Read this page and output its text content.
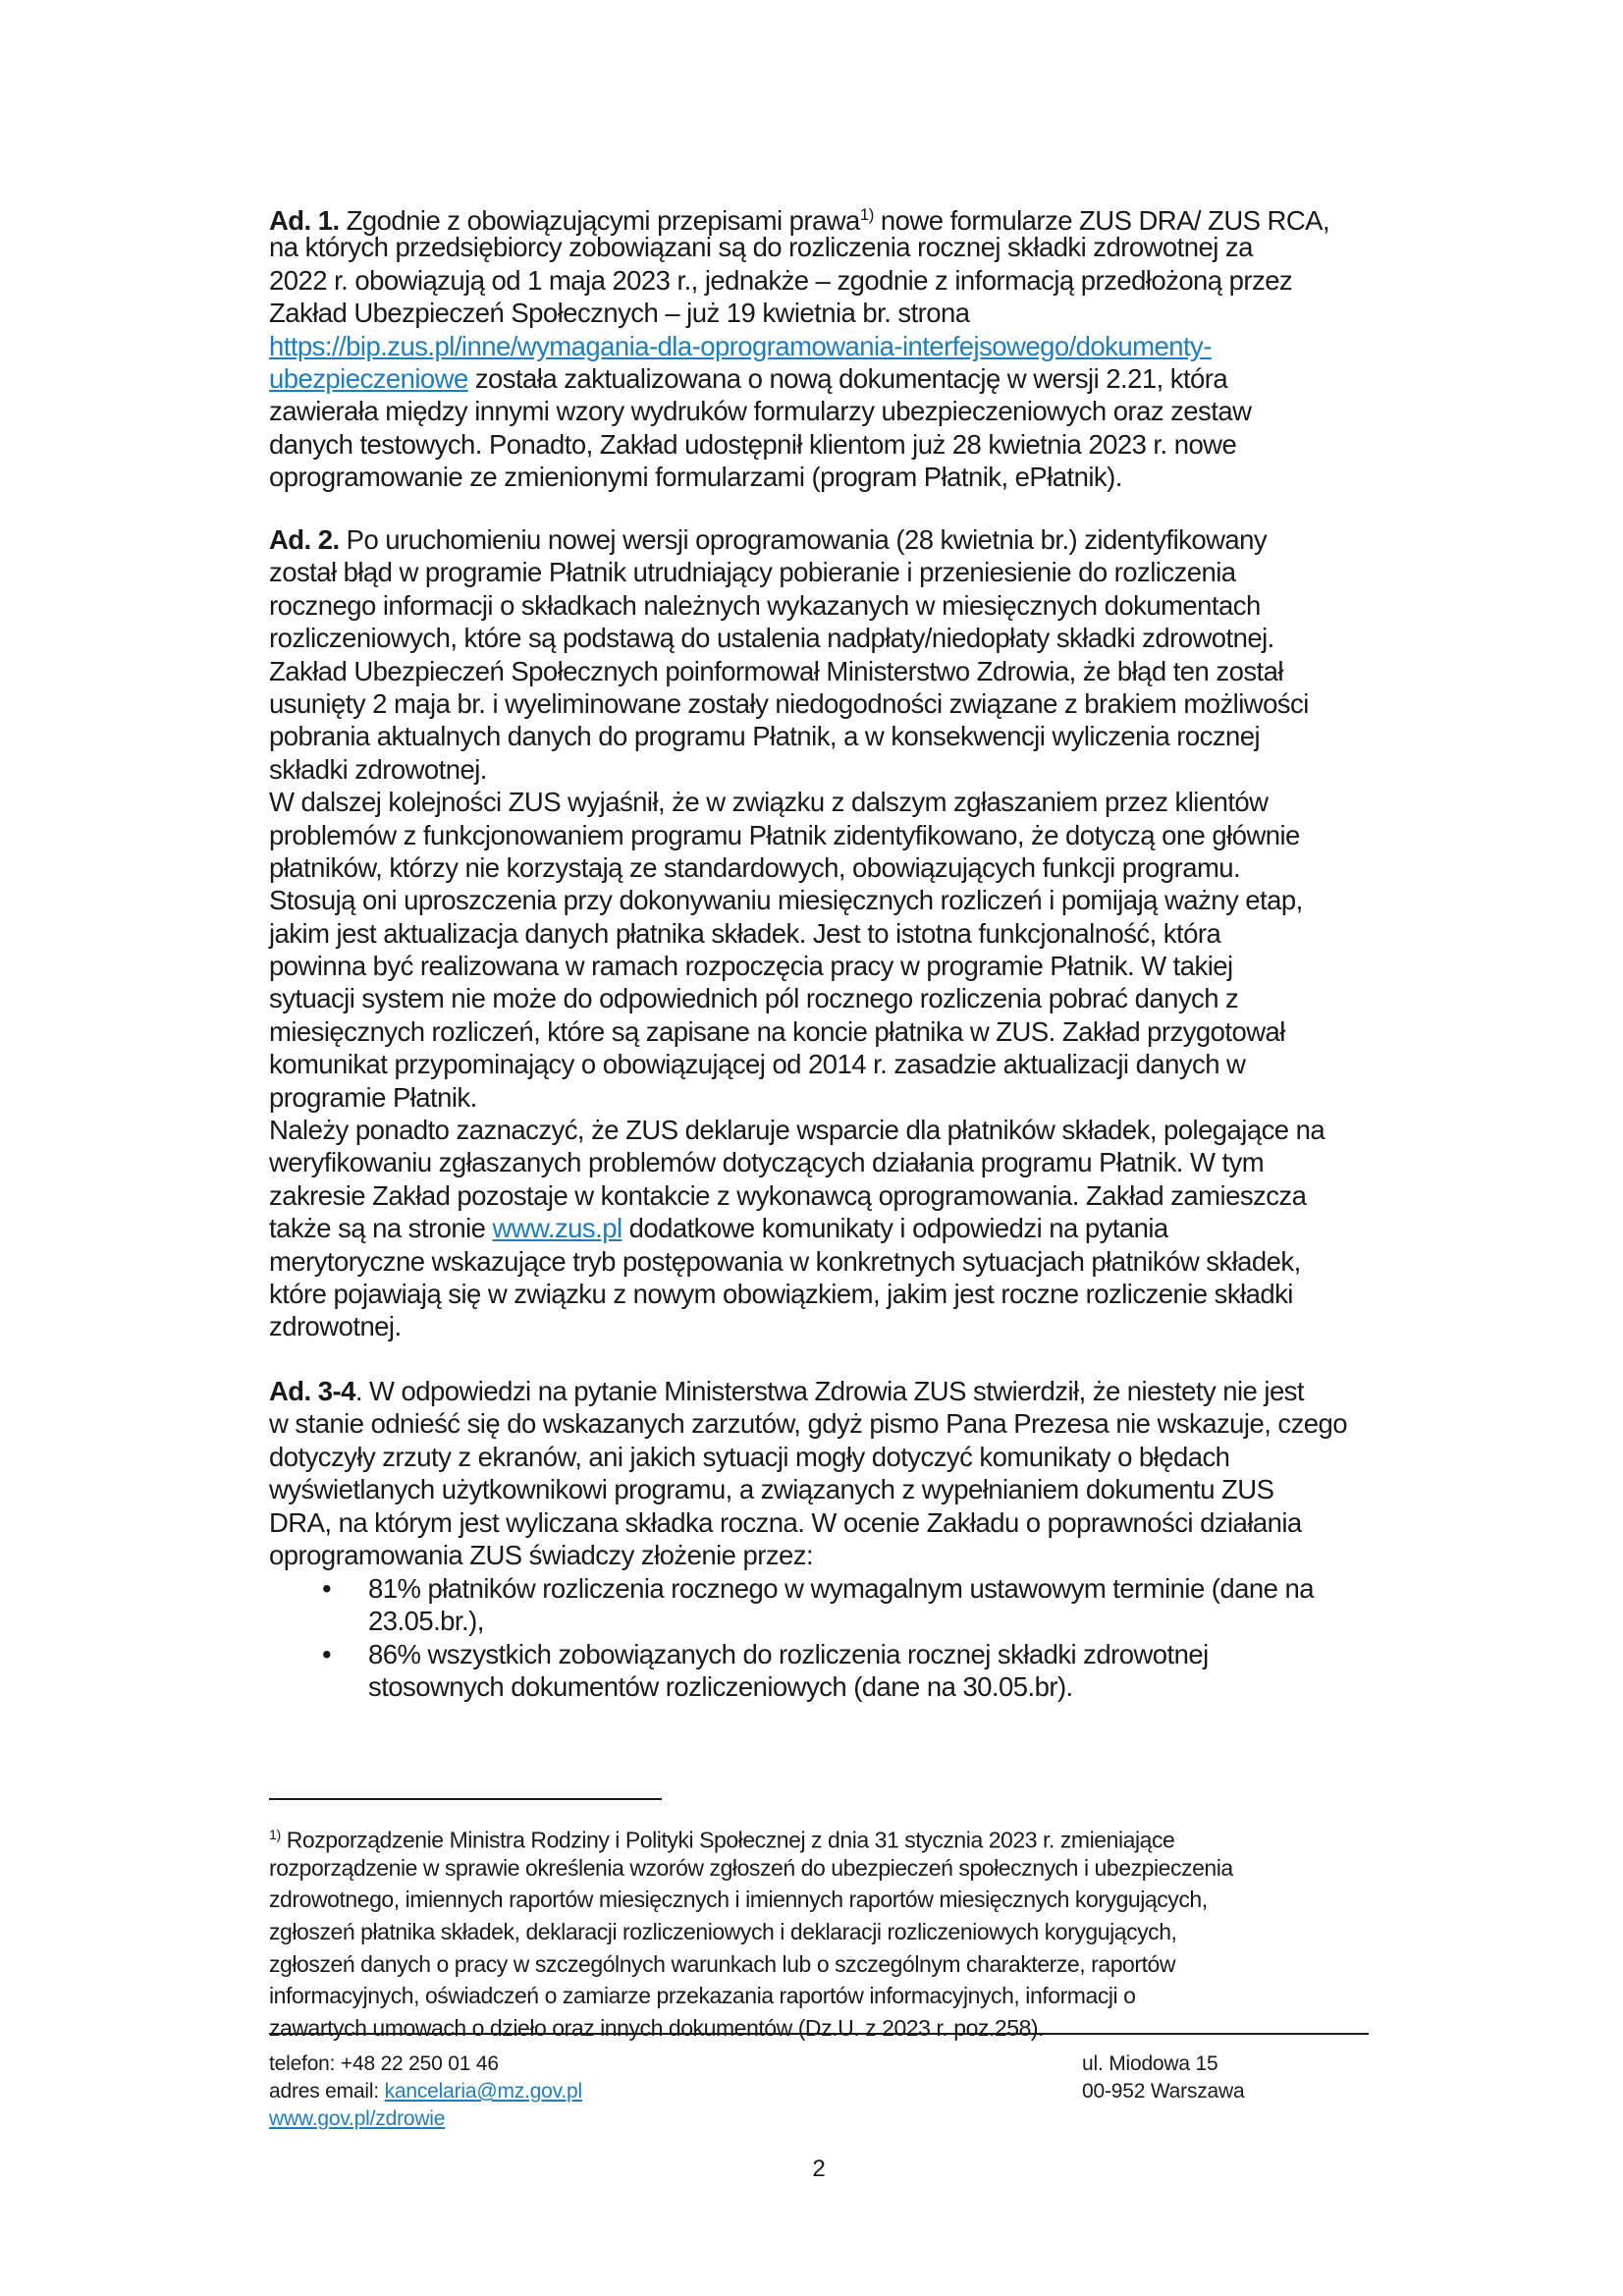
Ad. 1. Zgodnie z obowiązującymi przepisami prawa$^{1)}$ nowe formularze ZUS DRA/ ZUS RCA,
na których przedsiębiorcy zobowiązani są do rozliczenia rocznej składki zdrowotnej za
2022 r. obowiązują od 1 maja 2023 r., jednakże – zgodnie z informacją przedłożoną przez
Zakład Ubezpieczeń Społecznych – już 19 kwietnia br. strona
https://bip.zus.pl/inne/wymagania-dla-oprogramowania-interfejsowego/dokumenty-
ubezpieczeniowe została zaktualizowana o nową dokumentację w wersji 2.21, która
zawierała między innymi wzory wydruków formularzy ubezpieczeniowych oraz zestaw
danych testowych. Ponadto, Zakład udostępnił klientom już 28 kwietnia 2023 r. nowe
oprogramowanie ze zmienionymi formularzami (program Płatnik, ePłatnik).
Ad. 2. Po uruchomieniu nowej wersji oprogramowania (28 kwietnia br.) zidentyfikowany
został błąd w programie Płatnik utrudniający pobieranie i przeniesienie do rozliczenia
rocznego informacji o składkach należnych wykazanych w miesięcznych dokumentach
rozliczeniowych, które są podstawą do ustalenia nadpłaty/niedopłaty składki zdrowotnej.
Zakład Ubezpieczeń Społecznych poinformował Ministerstwo Zdrowia, że błąd ten został
usunięty 2 maja br. i wyeliminowane zostały niedogodności związane z brakiem możliwości
pobrania aktualnych danych do programu Płatnik, a w konsekwencji wyliczenia rocznej
składki zdrowotnej.
W dalszej kolejności ZUS wyjaśnił, że w związku z dalszym zgłaszaniem przez klientów
problemów z funkcjonowaniem programu Płatnik zidentyfikowano, że dotyczą one głównie
płatników, którzy nie korzystają ze standardowych, obowiązujących funkcji programu.
Stosują oni uproszczenia przy dokonywaniu miesięcznych rozliczeń i pomijają ważny etap,
jakim jest aktualizacja danych płatnika składek. Jest to istotna funkcjonalność, która
powinna być realizowana w ramach rozpoczęcia pracy w programie Płatnik. W takiej
sytuacji system nie może do odpowiednich pól rocznego rozliczenia pobrać danych z
miesięcznych rozliczeń, które są zapisane na koncie płatnika w ZUS. Zakład przygotował
komunikat przypominający o obowiązującej od 2014 r. zasadzie aktualizacji danych w
programie Płatnik.
Należy ponadto zaznaczyć, że ZUS deklaruje wsparcie dla płatników składek, polegające na
weryfikowaniu zgłaszanych problemów dotyczących działania programu Płatnik. W tym
zakresie Zakład pozostaje w kontakcie z wykonawcą oprogramowania. Zakład zamieszcza
także są na stronie www.zus.pl dodatkowe komunikaty i odpowiedzi na pytania
merytoryczne wskazujące tryb postępowania w konkretnych sytuacjach płatników składek,
które pojawiają się w związku z nowym obowiązkiem, jakim jest roczne rozliczenie składki
zdrowotnej.
Ad. 3-4. W odpowiedzi na pytanie Ministerstwa Zdrowia ZUS stwierdził, że niestety nie jest
w stanie odnieść się do wskazanych zarzutów, gdyż pismo Pana Prezesa nie wskazuje, czego
dotyczyły zrzuty z ekranów, ani jakich sytuacji mogły dotyczyć komunikaty o błędach
wyświetlanych użytkownikowi programu, a związanych z wypełnianiem dokumentu ZUS
DRA, na którym jest wyliczana składka roczna. W ocenie Zakładu o poprawności działania
oprogramowania ZUS świadczy złożenie przez:
• 81% płatników rozliczenia rocznego w wymagalnym ustawowym terminie (dane na
23.05.br.),
• 86% wszystkich zobowiązanych do rozliczenia rocznej składki zdrowotnej
stosownych dokumentów rozliczeniowych (dane na 30.05.br).
$^{1)}$ Rozporządzenie Ministra Rodziny i Polityki Społecznej z dnia 31 stycznia 2023 r. zmieniające
rozporządzenie w sprawie określenia wzorów zgłoszeń do ubezpieczeń społecznych i ubezpieczenia
zdrowotnego, imiennych raportów miesięcznych i imiennych raportów miesięcznych korygujących,
zgłoszeń płatnika składek, deklaracji rozliczeniowych i deklaracji rozliczeniowych korygujących,
zgłoszeń danych o pracy w szczególnych warunkach lub o szczególnym charakterze, raportów
informacyjnych, oświadczeń o zamiarze przekazania raportów informacyjnych, informacji o
zawartych umowach o dzieło oraz innych dokumentów (Dz.U. z 2023 r. poz.258).
telefon: +48 22 250 01 46
adres email: kancelaria@mz.gov.pl
www.gov.pl/zdrowie
ul. Miodowa 15
00-952 Warszawa
2
